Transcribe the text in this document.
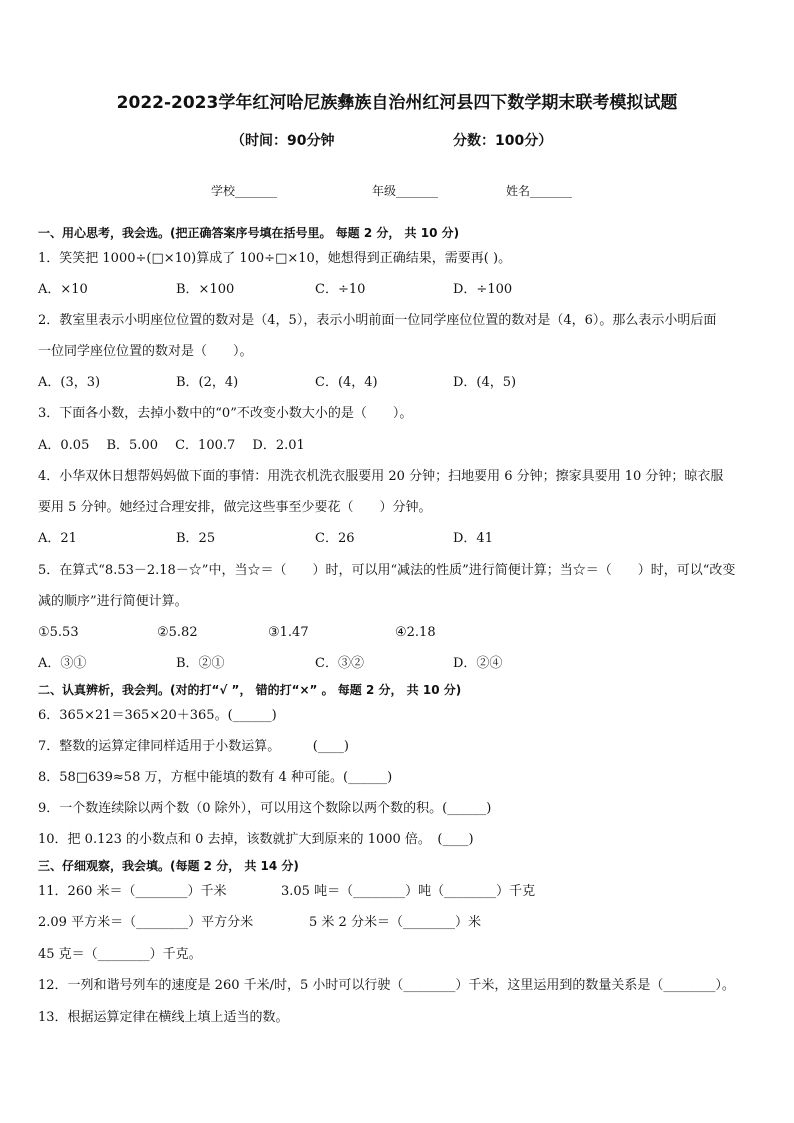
2022-2023学年红河哈尼族彝族自治州红河县四下数学期末联考模拟试题
（时间：90分钟	分数：100分）
学校_______	年级_______	姓名_______
一、用心思考，我会选。(把正确答案序号填在括号里。 每题 2 分， 共 10 分)
1．笑笑把 1000÷(□×10)算成了 100÷□×10，她想得到正确结果，需要再( )。
A．×10	B．×100	C．÷10	D．÷100
2．教室里表示小明座位位置的数对是（4，5），表示小明前面一位同学座位位置的数对是（4，6）。那么表示小明后面
一位同学座位位置的数对是（　　）。
A．(3，3)	B．(2，4)	C．(4，4)	D．(4，5)
3．下面各小数，去掉小数中的“0”不改变小数大小的是（　　）。
A．0.05　 B．5.00　 C．100.7　 D．2.01
4．小华双休日想帮妈妈做下面的事情：用洗衣机洗衣服要用 20 分钟；扫地要用 6 分钟；擦家具要用 10 分钟；晾衣服
要用 5 分钟。她经过合理安排，做完这些事至少要花（　　）分钟。
A．21	B．25	C．26	D．41
5．在算式“8.53－2.18－☆”中，当☆＝（　　）时，可以用“减法的性质”进行简便计算；当☆＝（　　）时，可以“改变
减的顺序”进行简便计算。
①5.53	②5.82	③1.47	④2.18
A．③①	B．②①	C．③②	D．②④
二、认真辨析，我会判。(对的打“√ ”， 错的打“×” 。 每题 2 分， 共 10 分)
6．365×21＝365×20＋365。(______)
7．整数的运算定律同样适用于小数运算。　　　(____)
8．58□639≈58 万，方框中能填的数有 4 种可能。(______)
9．一个数连续除以两个数（0 除外），可以用这个数除以两个数的积。(______)
10．把 0.123 的小数点和 0 去掉，该数就扩大到原来的 1000 倍。　(____)
三、仔细观察，我会填。(每题 2 分， 共 14 分)
11．260 米＝（________）千米	3.05 吨＝（________）吨（________）千克
2.09 平方米＝（________）平方分米	5 米 2 分米＝（________）米
45 克＝（________）千克。
12．一列和谐号列车的速度是 260 千米/时，5 小时可以行驶（________）千米，这里运用到的数量关系是（________）。
13．根据运算定律在横线上填上适当的数。
